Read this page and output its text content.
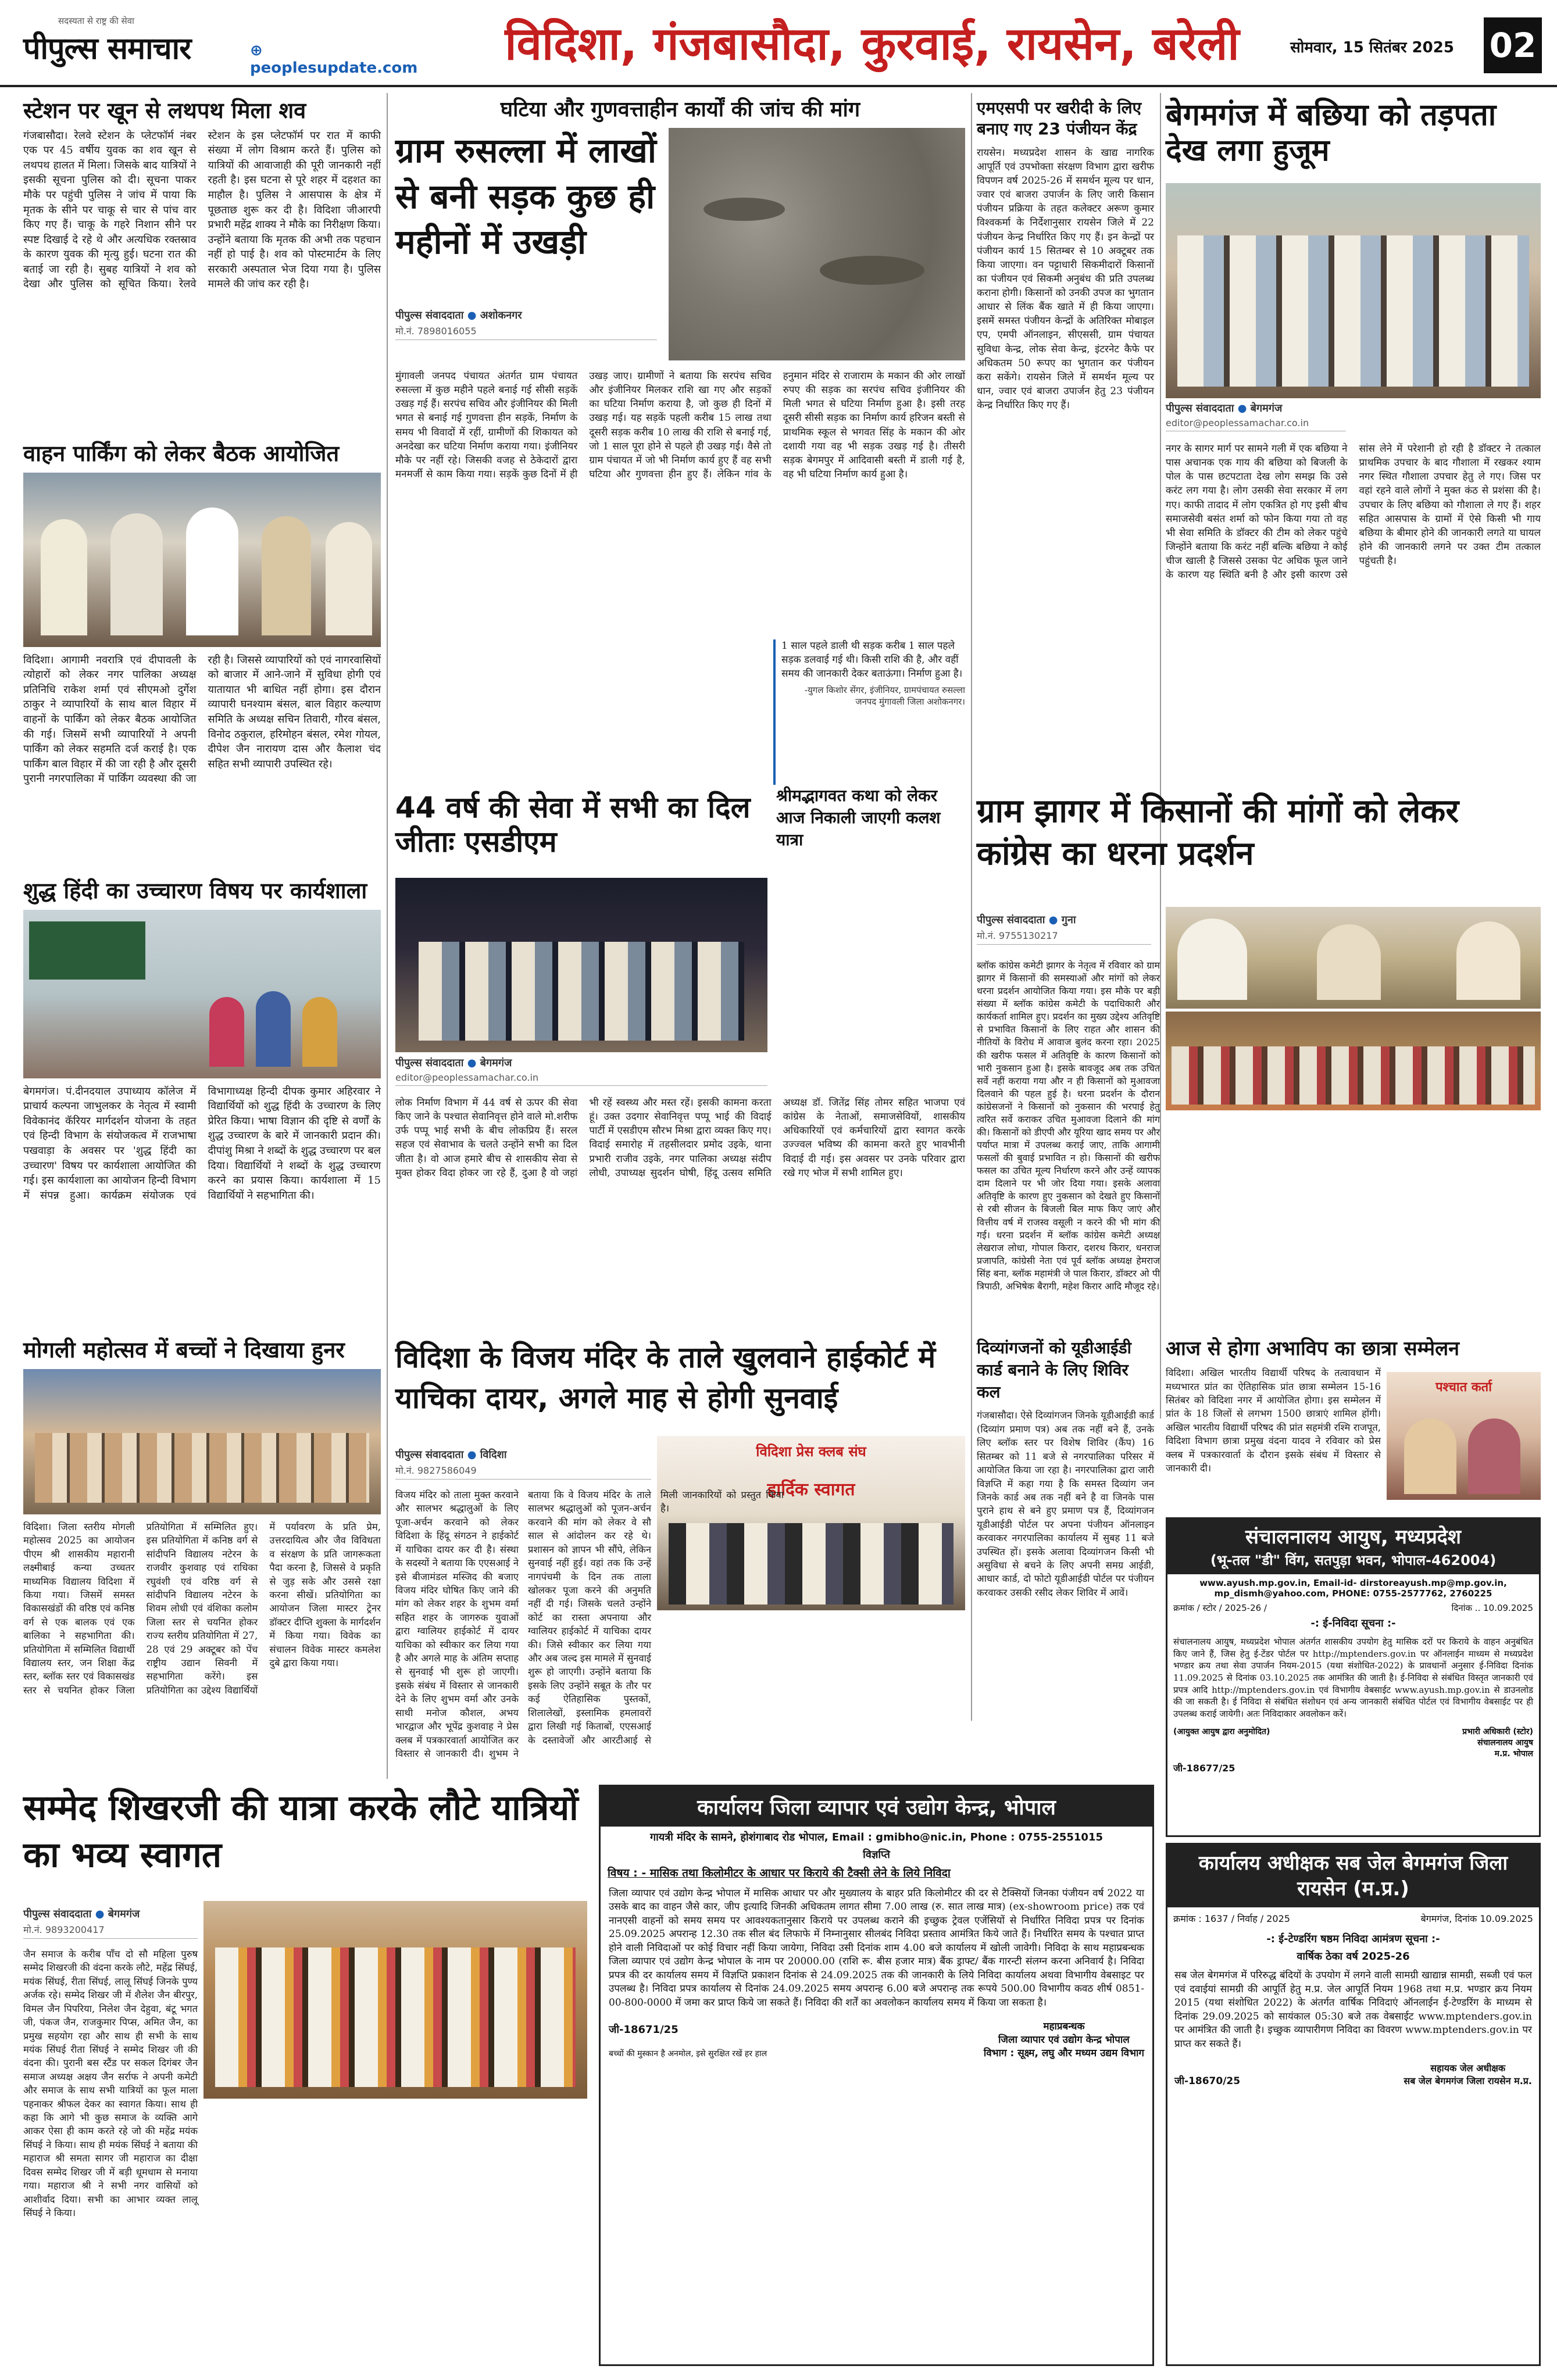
सदस्यता से राष्ट्र की सेवा
पीपुल्स समाचार	⊕ peoplesupdate.com	विदिशा, गंजबासौदा, कुरवाई, रायसेन, बरेली	सोमवार, 15 सितंबर 2025	02
स्टेशन पर खून से लथपथ मिला शव
गंजबासौदा। रेलवे स्टेशन के प्लेटफॉर्म नंबर एक पर 45 वर्षीय युवक का शव खून से लथपथ हालत में मिला। जिसके बाद यात्रियों ने इसकी सूचना पुलिस को दी। सूचना पाकर मौके पर पहुंची पुलिस ने जांच में पाया कि मृतक के सीने पर चाकू से चार से पांच वार किए गए हैं। चाकू के गहरे निशान सीने पर स्पष्ट दिखाई दे रहे थे और अत्यधिक रक्तस्राव के कारण युवक की मृत्यु हुई। घटना रात की बताई जा रही है। सुबह यात्रियों ने शव को देखा और पुलिस को सूचित किया। रेलवे स्टेशन के इस प्लेटफॉर्म पर रात में काफी संख्या में लोग विश्राम करते हैं। पुलिस को यात्रियों की आवाजाही की पूरी जानकारी नहीं रहती है। इस घटना से पूरे शहर में दहशत का माहौल है। पुलिस ने आसपास के क्षेत्र में पूछताछ शुरू कर दी है। विदिशा जीआरपी प्रभारी महेंद्र शाक्य ने मौके का निरीक्षण किया। उन्होंने बताया कि मृतक की अभी तक पहचान नहीं हो पाई है। शव को पोस्टमार्टम के लिए सरकारी अस्पताल भेज दिया गया है। पुलिस मामले की जांच कर रही है।
वाहन पार्किंग को लेकर बैठक आयोजित
विदिशा। आगामी नवरात्रि एवं दीपावली के त्योहारों को लेकर नगर पालिका अध्यक्ष प्रतिनिधि राकेश शर्मा एवं सीएमओ दुर्गेश ठाकुर ने व्यापारियों के साथ बाल विहार में वाहनों के पार्किंग को लेकर बैठक आयोजित की गई। जिसमें सभी व्यापारियों ने अपनी पार्किंग को लेकर सहमति दर्ज कराई है। एक पार्किंग बाल विहार में की जा रही है और दूसरी पुरानी नगरपालिका में पार्किंग व्यवस्था की जा रही है। जिससे व्यापारियों को एवं नागरवासियों को बाजार में आने-जाने में सुविधा होगी एवं यातायात भी बाधित नहीं होगा। इस दौरान व्यापारी घनश्याम बंसल, बाल विहार कल्याण समिति के अध्यक्ष सचिन तिवारी, गौरव बंसल, विनोद ठकुराल, हरिमोहन बंसल, रमेश गोयल, दीपेश जैन नारायण दास और कैलाश चंद सहित सभी व्यापारी उपस्थित रहे।
शुद्ध हिंदी का उच्चारण विषय पर कार्यशाला
बेगमगंज। पं.दीनदयाल उपाध्याय कॉलेज में प्राचार्य कल्पना जाभुलकर के नेतृत्व में स्वामी विवेकानंद कॅरियर मार्गदर्शन योजना के तहत एवं हिन्दी विभाग के संयोजकत्व में राजभाषा पखवाड़ा के अवसर पर 'शुद्ध हिंदी का उच्चारण' विषय पर कार्यशाला आयोजित की गई। इस कार्यशाला का आयोजन हिन्दी विभाग में संपन्न हुआ। कार्यक्रम संयोजक एवं विभागाध्यक्ष हिन्दी दीपक कुमार अहिरवार ने विद्यार्थियों को शुद्ध हिंदी के उच्चारण के लिए प्रेरित किया। भाषा विज्ञान की दृष्टि से वर्णों के शुद्ध उच्चारण के बारे में जानकारी प्रदान की। दीपांशु मिश्रा ने शब्दों के शुद्ध उच्चारण पर बल दिया। विद्यार्थियों ने शब्दों के शुद्ध उच्चारण करने का प्रयास किया। कार्यशाला में 15 विद्यार्थियों ने सहभागिता की।
मोगली महोत्सव में बच्चों ने दिखाया हुनर
विदिशा। जिला स्तरीय मोगली महोत्सव 2025 का आयोजन पीएम श्री शासकीय महारानी लक्ष्मीबाई कन्या उच्चतर माध्यमिक विद्यालय विदिशा में किया गया। जिसमें समस्त विकासखंडों की वरिष्ठ एवं कनिष्ठ वर्ग से एक बालक एवं एक बालिका ने सहभागिता की। प्रतियोगिता में सम्मिलित विद्यार्थी विद्यालय स्तर, जन शिक्षा केंद्र स्तर, ब्लॉक स्तर एवं विकासखंड स्तर से चयनित होकर जिला प्रतियोगिता में सम्मिलित हुए। इस प्रतियोगिता में कनिष्ठ वर्ग से सांदीपनि विद्यालय नटेरन के राजवीर कुशवाह एवं राधिका रघुवंशी एवं वरिष्ठ वर्ग से सांदीपनि विद्यालय नटेरन के शिवम लोधी एवं वंशिका कलोम जिला स्तर से चयनित होकर राज्य स्तरीय प्रतियोगिता में 27, 28 एवं 29 अक्टूबर को पेंच राष्ट्रीय उद्यान सिवनी में सहभागिता करेंगे। इस प्रतियोगिता का उद्देश्य विद्यार्थियों में पर्यावरण के प्रति प्रेम, उत्तरदायित्व और जैव विविधता व संरक्षण के प्रति जागरूकता पैदा करना है, जिससे वे प्रकृति से जुड़ सके और उससे रक्षा करना सीखें। प्रतियोगिता का आयोजन जिला मास्टर ट्रेनर डॉक्टर दीप्ति शुक्ला के मार्गदर्शन में किया गया। विवेक का संचालन विवेक मास्टर कमलेश दुबे द्वारा किया गया।
घटिया और गुणवत्ताहीन कार्यों की जांच की मांग
ग्राम रुसल्ला में लाखों से बनी सड़क कुछ ही महीनों में उखड़ी
पीपुल्स संवाददाता ● अशोकनगर
मो.नं. 7898016055
मुंगावली जनपद पंचायत अंतर्गत ग्राम पंचायत रुसल्ला में कुछ महीने पहले बनाई गई सीसी सड़कें उखड़ गई हैं। सरपंच सचिव और इंजीनियर की मिली भगत से बनाई गई गुणवत्ता हीन सड़कें, निर्माण के समय भी विवादों में रहीं, ग्रामीणों की शिकायत को अनदेखा कर घटिया निर्माण कराया गया। इंजीनियर मौके पर नहीं रहे। जिसकी वजह से ठेकेदारों द्वारा मनमर्जी से काम किया गया। सड़कें कुछ दिनों में ही उखड़ जाए। ग्रामीणों ने बताया कि सरपंच सचिव और इंजीनियर मिलकर राशि खा गए और सड़कों का घटिया निर्माण कराया है, जो कुछ ही दिनों में उखड़ गई। यह सड़कें पहली करीब 15 लाख तथा दूसरी सड़क करीब 10 लाख की राशि से बनाई गई, जो 1 साल पूरा होने से पहले ही उखड़ गई। वैसे तो ग्राम पंचायत में जो भी निर्माण कार्य हुए हैं वह सभी घटिया और गुणवत्ता हीन हुए हैं। लेकिन गांव के हनुमान मंदिर से राजाराम के मकान की ओर लाखों रुपए की सड़क का सरपंच सचिव इंजीनियर की मिली भगत से घटिया निर्माण हुआ है। इसी तरह दूसरी सीसी सड़क का निर्माण कार्य हरिजन बस्ती से प्राथमिक स्कूल से भगवत सिंह के मकान की ओर दशायी गया वह भी सड़क उखड़ गई है। तीसरी सड़क बेगमपुर में आदिवासी बस्ती में डाली गई है, वह भी घटिया निर्माण कार्य हुआ है।
1 साल पहले डाली थी सड़क करीब 1 साल पहले सड़क डलवाई गई थी। किसी राशि की है, और वहीं समय की जानकारी देकर बताऊंगा। निर्माण हुआ है।
-युगल किशोर सेंगर, इंजीनियर, ग्रामपंचायत रुसल्ला जनपद मुंगावली जिला अशोकनगर।
44 वर्ष की सेवा में सभी का दिल जीताः एसडीएम
पीपुल्स संवाददाता ● बेगमगंज
editor@peoplessamachar.co.in
लोक निर्माण विभाग में 44 वर्ष से ऊपर की सेवा किए जाने के पश्चात सेवानिवृत्त होने वाले मो.शरीफ उर्फ पप्पू भाई सभी के बीच लोकप्रिय हैं। सरल सहज एवं सेवाभाव के चलते उन्होंने सभी का दिल जीता है। वो आज हमारे बीच से शासकीय सेवा से मुक्त होकर विदा होकर जा रहे हैं, दुआ है वो जहां भी रहें स्वस्थ्य और मस्त रहें। इसकी कामना करता हूं। उक्त उदगार सेवानिवृत्त पप्पू भाई की विदाई पार्टी में एसडीएम सौरभ मिश्रा द्वारा व्यक्त किए गए। विदाई समारोह में तहसीलदार प्रमोद उइके, थाना प्रभारी राजीव उइके, नगर पालिका अध्यक्ष संदीप लोधी, उपाध्यक्ष सुदर्शन घोषी, हिंदू उत्सव समिति अध्यक्ष डॉ. जितेंद्र सिंह तोमर सहित भाजपा एवं कांग्रेस के नेताओं, समाजसेवियों, शासकीय अधिकारियों एवं कर्मचारियों द्वारा स्वागत करके उज्ज्वल भविष्य की कामना करते हुए भावभीनी विदाई दी गई। इस अवसर पर उनके परिवार द्वारा रखे गए भोज में सभी शामिल हुए।
श्रीमद्भागवत कथा को लेकर आज निकाली जाएगी कलश यात्रा
एमएसपी पर खरीदी के लिए बनाए गए 23 पंजीयन केंद्र
रायसेन। मध्यप्रदेश शासन के खाद्य नागरिक आपूर्ति एवं उपभोक्ता संरक्षण विभाग द्वारा खरीफ विपणन वर्ष 2025-26 में समर्थन मूल्य पर धान, ज्वार एवं बाजरा उपार्जन के लिए जारी किसान पंजीयन प्रक्रिया के तहत कलेक्टर अरूण कुमार विश्वकर्मा के निर्देशानुसार रायसेन जिले में 22 पंजीयन केन्द्र निर्धारित किए गए हैं। इन केन्द्रों पर पंजीयन कार्य 15 सितम्बर से 10 अक्टूबर तक किया जाएगा। वन पट्टाधारी सिकमीदारों किसानों का पंजीयन एवं सिकमी अनुबंध की प्रति उपलब्ध कराना होगी। किसानों को उनकी उपज का भुगतान आधार से लिंक बैंक खाते में ही किया जाएगा। इसमें समस्त पंजीयन केन्द्रों के अतिरिक्त मोबाइल एप, एमपी ऑनलाइन, सीएससी, ग्राम पंचायत सुविधा केन्द्र, लोक सेवा केन्द्र, इंटरनेट कैफे पर अधिकतम 50 रूपए का भुगतान कर पंजीयन करा सकेंगे। रायसेन जिले में समर्थन मूल्य पर धान, ज्वार एवं बाजरा उपार्जन हेतु 23 पंजीयन केन्द्र निर्धारित किए गए हैं।
बेगमगंज में बछिया को तड़पता देख लगा हुजूम
पीपुल्स संवाददाता ● बेगमगंज
editor@peoplessamachar.co.in
नगर के सागर मार्ग पर सामने गली में एक बछिया ने पास अचानक एक गाय की बछिया को बिजली के पोल के पास छटपटाता देख लोग समझ कि उसे करंट लग गया है। लोग उसकी सेवा सरकार में लग गए। काफी तादाद में लोग एकत्रित हो गए इसी बीच समाजसेवी बसंत शर्मा को फोन किया गया तो वह भी सेवा समिति के डॉक्टर की टीम को लेकर पहुंचे जिन्होंने बताया कि करंट नहीं बल्कि बछिया ने कोई चीज खाली है जिससे उसका पेट अधिक फूल जाने के कारण यह स्थिति बनी है और इसी कारण उसे सांस लेने में परेशानी हो रही है डॉक्टर ने तत्काल प्राथमिक उपचार के बाद गौशाला में रखकर श्याम नगर स्थित गौशाला उपचार हेतु ले गए। जिस पर वहां रहने वाले लोगों ने मुक्त कंठ से प्रशंसा की है। उपचार के लिए बछिया को गौशाला ले गए हैं। शहर सहित आसपास के ग्रामों में ऐसे किसी भी गाय बछिया के बीमार होने की जानकारी लगते या घायल होने की जानकारी लगने पर उक्त टीम तत्काल पहुंचती है।
ग्राम झागर में किसानों की मांगों को लेकर कांग्रेस का धरना प्रदर्शन
पीपुल्स संवाददाता ● गुना
मो.नं. 9755130217
ब्लॉक कांग्रेस कमेटी झागर के नेतृत्व में रविवार को ग्राम झागर में किसानों की समस्याओं और मांगों को लेकर धरना प्रदर्शन आयोजित किया गया। इस मौके पर बड़ी संख्या में ब्लॉक कांग्रेस कमेटी के पदाधिकारी और कार्यकर्ता शामिल हुए। प्रदर्शन का मुख्य उद्देश्य अतिवृष्टि से प्रभावित किसानों के लिए राहत और शासन की नीतियों के विरोध में आवाज बुलंद करना रहा। 2025 की खरीफ फसल में अतिवृष्टि के कारण किसानों को भारी नुकसान हुआ है। इसके बावजूद अब तक उचित सर्वे नहीं कराया गया और न ही किसानों को मुआवजा दिलवाने की पहल हुई है। धरना प्रदर्शन के दौरान कांग्रेसजनों ने किसानों को नुकसान की भरपाई हेतु त्वरित सर्वे कराकर उचित मुआवजा दिलाने की मांग की। किसानों को डीएपी और यूरिया खाद समय पर और पर्याप्त मात्रा में उपलब्ध कराई जाए, ताकि आगामी फसलों की बुवाई प्रभावित न हो। किसानों की खरीफ फसल का उचित मूल्य निर्धारण करने और उन्हें व्यापक दाम दिलाने पर भी जोर दिया गया। इसके अलावा अतिवृष्टि के कारण हुए नुकसान को देखते हुए किसानों से रबी सीजन के बिजली बिल माफ किए जाएं और वित्तीय वर्ष में राजस्व वसूली न करने की भी मांग की गई। धरना प्रदर्शन में ब्लॉक कांग्रेस कमेटी अध्यक्ष लेखराज लोधा, गोपाल किरार, दशरथ किरार, धनराज प्रजापति, कांग्रेसी नेता एवं पूर्व ब्लॉक अध्यक्ष हेमराज सिंह बना, ब्लॉक महामंत्री जे पाल किरार, डॉक्टर ओ पी त्रिपाठी, अभिषेक बैरागी, महेश किरार आदि मौजूद रहे।
विदिशा के विजय मंदिर के ताले खुलवाने हाईकोर्ट में याचिका दायर, अगले माह से होगी सुनवाई
पीपुल्स संवाददाता ● विदिशा
मो.नं. 9827586049
विदिशा प्रेस क्लब संघ
हार्दिक स्वागत
विजय मंदिर को ताला मुक्त करवाने और सालभर श्रद्धालुओं के लिए पूजा-अर्चन करवाने को लेकर विदिशा के हिंदू संगठन ने हाईकोर्ट में याचिका दायर कर दी है। संस्था के सदस्यों ने बताया कि एएसआई ने इसे बीजामंडल मस्जिद की बजाए विजय मंदिर घोषित किए जाने की मांग को लेकर शहर के शुभम वर्मा सहित शहर के जागरुक युवाओं द्वारा ग्वालियर हाईकोर्ट में दायर याचिका को स्वीकार कर लिया गया है और अगले माह के अंतिम सप्ताह से सुनवाई भी शुरू हो जाएगी। इसके संबंध में विस्तार से जानकारी देने के लिए शुभम वर्मा और उनके साथी मनोज कौशल, अभय भारद्वाज और भूपेंद्र कुशवाह ने प्रेस क्लब में पत्रकारवार्ता आयोजित कर विस्तार से जानकारी दी। शुभम ने बताया कि वे विजय मंदिर के ताले सालभर श्रद्धालुओं को पूजन-अर्चन करवाने की मांग को लेकर वे सौ साल से आंदोलन कर रहे थे। प्रशासन को ज्ञापन भी सौंपे, लेकिन सुनवाई नहीं हुई। वहां तक कि उन्हें नागपंचमी के दिन तक ताला खोलकर पूजा करने की अनुमति नहीं दी गई। जिसके चलते उन्होंने कोर्ट का रास्ता अपनाया और ग्वालियर हाईकोर्ट में याचिका दायर की। जिसे स्वीकार कर लिया गया और अब जल्द इस मामले में सुनवाई शुरू हो जाएगी। उन्होंने बताया कि इसके लिए उन्होंने सबूत के तौर पर कई ऐतिहासिक पुस्तकों, शिलालेखों, इस्लामिक हमलावरों द्वारा लिखी गई किताबों, एएसआई के दस्तावेजों और आरटीआई से
दिव्यांगजनों को यूडीआईडी कार्ड बनाने के लिए शिविर कल
गंजबासौदा। ऐसे दिव्यांगजन जिनके यूडीआईडी कार्ड (दिव्यांग प्रमाण पत्र) अब तक नहीं बने हैं, उनके लिए ब्लॉक स्तर पर विशेष शिविर (कैंप) 16 सितम्बर को 11 बजे से नगरपालिका परिसर में आयोजित किया जा रहा है। नगरपालिका द्वारा जारी विज्ञप्ति में कहा गया है कि समस्त दिव्यांग जन जिनके कार्ड अब तक नहीं बने है वा जिनके पास पुराने हाथ से बने हुए प्रमाण पत्र हैं, दिव्यांगजन यूडीआईडी पोर्टल पर अपना पंजीयन ऑनलाइन करवाकर नगरपालिका कार्यालय में सुबह 11 बजे उपस्थित हों। इसके अलावा दिव्यांगजन किसी भी असुविधा से बचने के लिए अपनी समग्र आईडी, आधार कार्ड, दो फोटो यूडीआईडी पोर्टल पर पंजीयन करवाकर उसकी रसीद लेकर शिविर में आवें।
आज से होगा अभाविप का छात्रा सम्मेलन
विदिशा। अखिल भारतीय विद्यार्थी परिषद के तत्वावधान में मध्यभारत प्रांत का ऐतिहासिक प्रांत छात्रा सम्मेलन 15-16 सितंबर को विदिशा नगर में आयोजित होगा। इस सम्मेलन में प्रांत के 18 जिलों से लगभग 1500 छात्राएं शामिल होंगी। अखिल भारतीय विद्यार्थी परिषद की प्रांत सहमंत्री रश्मि राजपूत, विदिशा विभाग छात्रा प्रमुख वंदना यादव ने रविवार को प्रेस क्लब में पत्रकारवार्ता के दौरान इसके संबंध में विस्तार से जानकारी दी।
पश्चात कर्ता
संचालनालय आयुष, मध्यप्रदेश
(भू-तल "डी" विंग, सतपुड़ा भवन, भोपाल-462004)
www.ayush.mp.gov.in, Email-id- dirstoreayush.mp@mp.gov.in, mp_dismh@yahoo.com, PHONE: 0755-2577762, 2760225
क्रमांक / स्टोर / 2025-26 /	दिनांक .. 10.09.2025
-: ई-निविदा सूचना :-
संचालनालय आयुष, मध्यप्रदेश भोपाल अंतर्गत शासकीय उपयोग हेतु मासिक दरों पर किराये के वाहन अनुबंधित किए जाने हैं, जिस हेतु ई-टेंडर पोर्टल पर http://mptenders.gov.in पर ऑनलाईन माध्यम से मध्यप्रदेश भण्डार क्रय तथा सेवा उपार्जन नियम-2015 (यथा संशोधित-2022) के प्रावधानों अनुसार ई-निविदा दिनांक 11.09.2025 से दिनांक 03.10.2025 तक आमंत्रित की जाती है। ई-निविदा से संबंधित विस्तृत जानकारी एवं प्रपत्र आदि http://mptenders.gov.in एवं विभागीय वेबसाईट www.ayush.mp.gov.in से डाउनलोड की जा सकती है। ई निविदा से संबंधित संशोधन एवं अन्य जानकारी संबंधित पोर्टल एवं विभागीय वेबसाईट पर ही उपलब्ध कराई जायेगी। अतः निविदाकार अवलोकन करें।
(आयुक्त आयुष द्वारा अनुमोदित)	प्रभारी अधिकारी (स्टोर)
संचालनालय आयुष
म.प्र. भोपाल
जी-18677/25
सम्मेद शिखरजी की यात्रा करके लौटे यात्रियों का भव्य स्वागत
पीपुल्स संवाददाता ● बेगमगंज
मो.नं. 9893200417
जैन समाज के करीब पाँच दो सौ महिला पुरुष सम्मेद शिखरजी की वंदना करके लौटे, महेंद्र सिंघई, मयंक सिंघई, रीता सिंघई, लालू सिंघई जिनके पुण्य अर्जक रहे। सम्मेद शिखर जी में शैलेश जैन बीरपुर, विमल जैन पिपरिया, निलेश जैन देहुवा, बंटू भगत जी, पंकज जैन, राजकुमार पिप्स, अमित जैन, का प्रमुख सहयोग रहा और साथ ही सभी के साथ मयंक सिंघई रीता सिंघई ने सम्मेद शिखर जी की वंदना की। पुरानी बस स्टैंड पर सकल दिगंबर जैन समाज अध्यक्ष अक्षय जैन सर्राफ ने अपनी कमेटी और समाज के साथ सभी यात्रियों का फूल माला पहनाकर श्रीफल देकर का स्वागत किया। साथ ही कहा कि आगे भी कुछ समाज के व्यक्ति आगे आकर ऐसा ही काम करते रहे जो की महेंद्र मयंक सिंघई ने किया। साथ ही मयंक सिंघई ने बताया की महाराज श्री समता सागर जी महाराज का दीक्षा दिवस सम्मेद शिखर जी में बड़ी धूमधाम से मनाया गया। महाराज श्री ने सभी नगर वासियों को आशीर्वाद दिया। सभी का आभार व्यक्त लालू सिंघई ने किया।
कार्यालय जिला व्यापार एवं उद्योग केन्द्र, भोपाल
गायत्री मंदिर के सामने, होशंगाबाद रोड भोपाल, Email : gmibho@nic.in, Phone : 0755-2551015
विज्ञप्ति
विषय : - मासिक तथा किलोमीटर के आधार पर किराये की टैक्सी लेने के लिये निविदा
जिला व्यापार एवं उद्योग केन्द्र भोपाल में मासिक आधार पर और मुख्यालय के बाहर प्रति किलोमीटर की दर से टैक्सियों जिनका पंजीयन वर्ष 2022 या उसके बाद का वाहन जैसे कार, जीप इत्यादि जिनकी अधिकतम लागत सीमा 7.00 लाख (रु. सात लाख मात्र) (ex-showroom price) तक एवं नानएसी वाहनों को समय समय पर आवश्यकतानुसार किराये पर उपलब्ध कराने की इच्छुक ट्रेवल एजेंसियों से निर्धारित निविदा प्रपत्र पर दिनांक 25.09.2025 अपरान्ह 12.30 तक सील बंद लिफाफे में निम्नानुसार सीलबंद निविदा प्रस्ताव आमंत्रित किये जाते हैं। निर्धारित समय के पश्चात प्राप्त होने वाली निविदाओं पर कोई विचार नहीं किया जायेगा, निविदा उसी दिनांक शाम 4.00 बजे कार्यालय में खोली जावेगी। निविदा के साथ महाप्रबन्धक जिला व्यापार एवं उद्योग केन्द्र भोपाल के नाम पर 20000.00 (राशि रू. बीस हजार मात्र) बैंक ड्राफ्ट/ बैंक गारन्टी संलग्न करना अनिवार्य है। निविदा प्रपत्र की दर कार्यालय समय में विज्ञप्ति प्रकाशन दिनांक से 24.09.2025 तक की जानकारी के लिये निविदा कार्यालय अथवा विभागीय वेबसाइट पर उपलब्ध है। निविदा प्रपत्र कार्यालय से दिनांक 24.09.2025 समय अपरान्ह 6.00 बजे अपरान्ह तक रूपये 500.00 विभागीय कवठ शीर्ष 0851-00-800-0000 में जमा कर प्राप्त किये जा सकते हैं। निविदा की शर्तें का अवलोकन कार्यालय समय में किया जा सकता है।
जी-18671/25
बच्चों की मुस्कान है अनमोल, इसे सुरक्षित रखें हर हाल
महाप्रबन्धक
जिला व्यापार एवं उद्योग केन्द्र भोपाल
विभाग : सूक्ष्म, लघु और मध्यम उद्यम विभाग
कार्यालय अधीक्षक सब जेल बेगमगंज जिला रायसेन (म.प्र.)
क्रमांक : 1637 / निर्वाह / 2025	बेगमगंज, दिनांक 10.09.2025
-: ई-टेण्डरिंग षष्ठम निविदा आमंत्रण सूचना :-
वार्षिक ठेका वर्ष 2025-26
सब जेल बेगमगंज में परिरुद्ध बंदियों के उपयोग में लगने वाली सामग्री खाद्यान्न सामग्री, सब्जी एवं फल एवं दवाईयां सामग्री की आपूर्ति हेतु म.प्र. जेल आपूर्ति नियम 1968 तथा म.प्र. भण्डार क्रय नियम 2015 (यथा संशोधित 2022) के अंतर्गत वार्षिक निविदाएं ऑनलाईन ई-टेण्डरिंग के माध्यम से दिनांक 29.09.2025 को सायंकाल 05:30 बजे तक वेबसाईट www.mptenders.gov.in पर आमंत्रित की जाती है। इच्छुक व्यापारीगण निविदा का विवरण www.mptenders.gov.in पर प्राप्त कर सकते हैं।
जी-18670/25
सहायक जेल अधीक्षक
सब जेल बेगमगंज जिला रायसेन म.प्र.
